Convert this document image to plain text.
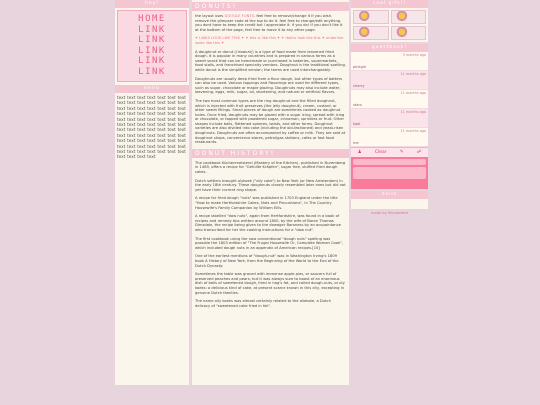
hey!
HOME
LINK
LINK
LINK
LINK
LINK
hello
text text text text text text text text text text text text text text text text text text text text text text text text text text text text text text text text text text text text text text text text text text text text text text text text text text text text text text text text text text text text text text text text text text text text text text text text text text text text text text text text text
DONUTS!

the layout uses GOOGLE FONTS. feel free to remove/change it if you wish. remove the glimpser code at the top to do it. feel free to change/edit anything. you dont have to keep the credit but i appreciate it. if you do! if you don't like it at the bottom of the page, feel free to move it to any other page.

✦ LINKS LOOK LIKE THIS ✦ ✦ this is like this ✦ ✦ italics look like this ✦ underline looks like this ✦

A doughnut or donut (/ˈdoʊnʌt/) is a type of food made from leavened fried dough. It is popular in many countries and is prepared in various forms as a sweet snack that can be homemade or purchased in bakeries, supermarkets, food stalls, and franchised specialty vendors. Doughnut is the traditional spelling, while donut is the simplified version; the terms are used interchangeably.

Doughnuts are usually deep fried from a flour dough, but other types of batters can also be used. Various toppings and flavorings are used for different types, such as sugar, chocolate or maple glazing. Doughnuts may also include water, leavening, eggs, milk, sugar, oil, shortening, and natural or artificial flavors.

The two most common types are the ring doughnut and the filled doughnut, which is injected with fruit preserves (the jelly doughnut), cream, custard, or other sweet fillings. Small pieces of dough are sometimes cooked as doughnut holes. Once fried, doughnuts may be glazed with a sugar icing, spread with icing or chocolate, or topped with powdered sugar, cinnamon, sprinkles or fruit. Other shapes include balls, flattened spheres, twists, and other forms. Doughnut varieties are also divided into cake (including the old-fashioned) and yeast-risen doughnuts. Doughnuts are often accompanied by coffee or milk. They are sold at doughnut shops, convenience stores, petrol/gas stations, cafes or fast food restaurants.

DONUT HISTORY!

The cookbook Küchenmeisterei (Mastery of the Kitchen), published in Nuremberg in 1485, offers a recipe for "Gefullte Kräpfen", sugar free, stuffed fried dough cakes.

Dutch settlers brought olykoek ("oily cake") to New York (or New Amsterdam) in the early 18th century. These doughnuts closely resembled later ones but did not yet have their current ring shape.

A recipe for fried dough "nuts" was published in 1703 England under the title "How to make Hertfordshire Cakes, Nuts and Pincushions", in The Country Housewife's Family Companion by William Ellis.

A recipe labelled "dow nuts", again from Hertfordshire, was found in a book of recipes and remedy tips written around 1800, by the wife of Baron Thomas Dimsdale, the recipe being given to the dowager Baroness by an acquaintance who transcribed for her the cooking instructions for a "dow nut".

The first cookbook using the now conventional "dough nuts" spelling was possible the 1803 edition of "The Frugal Housewife Or, Complete Woman Cook", which included dough nuts in an appendix of American recipes.[10]

One of the earliest mentions of "dough-nut" was in Washington Irving's 1809 book A History of New York, from the Beginning of the World to the End of the Dutch Dynasty:

Sometimes the table was graced with immense apple-pies, or saucers full of preserved peaches and pears; but it was always sure to boast of an enormous dish of balls of sweetened dough, fried in hog's fat, and called dough-nuts, or oly koeks: a delicious kind of cake, at present scarce known in this city, excepting in genuine Dutch families.

The name oily koeks was almost certainly related to the oliebole, a Dutch delicacy of "sweetened cake fried in fat".

cool gifs!!
guestbook!
pinkgirl
3 months ago
cherry
11 months ago
stars
11 months ago
kool
11 months ago
me
11 months ago
♟	Clear	✎	☍
hello
made by Nicolezetta
